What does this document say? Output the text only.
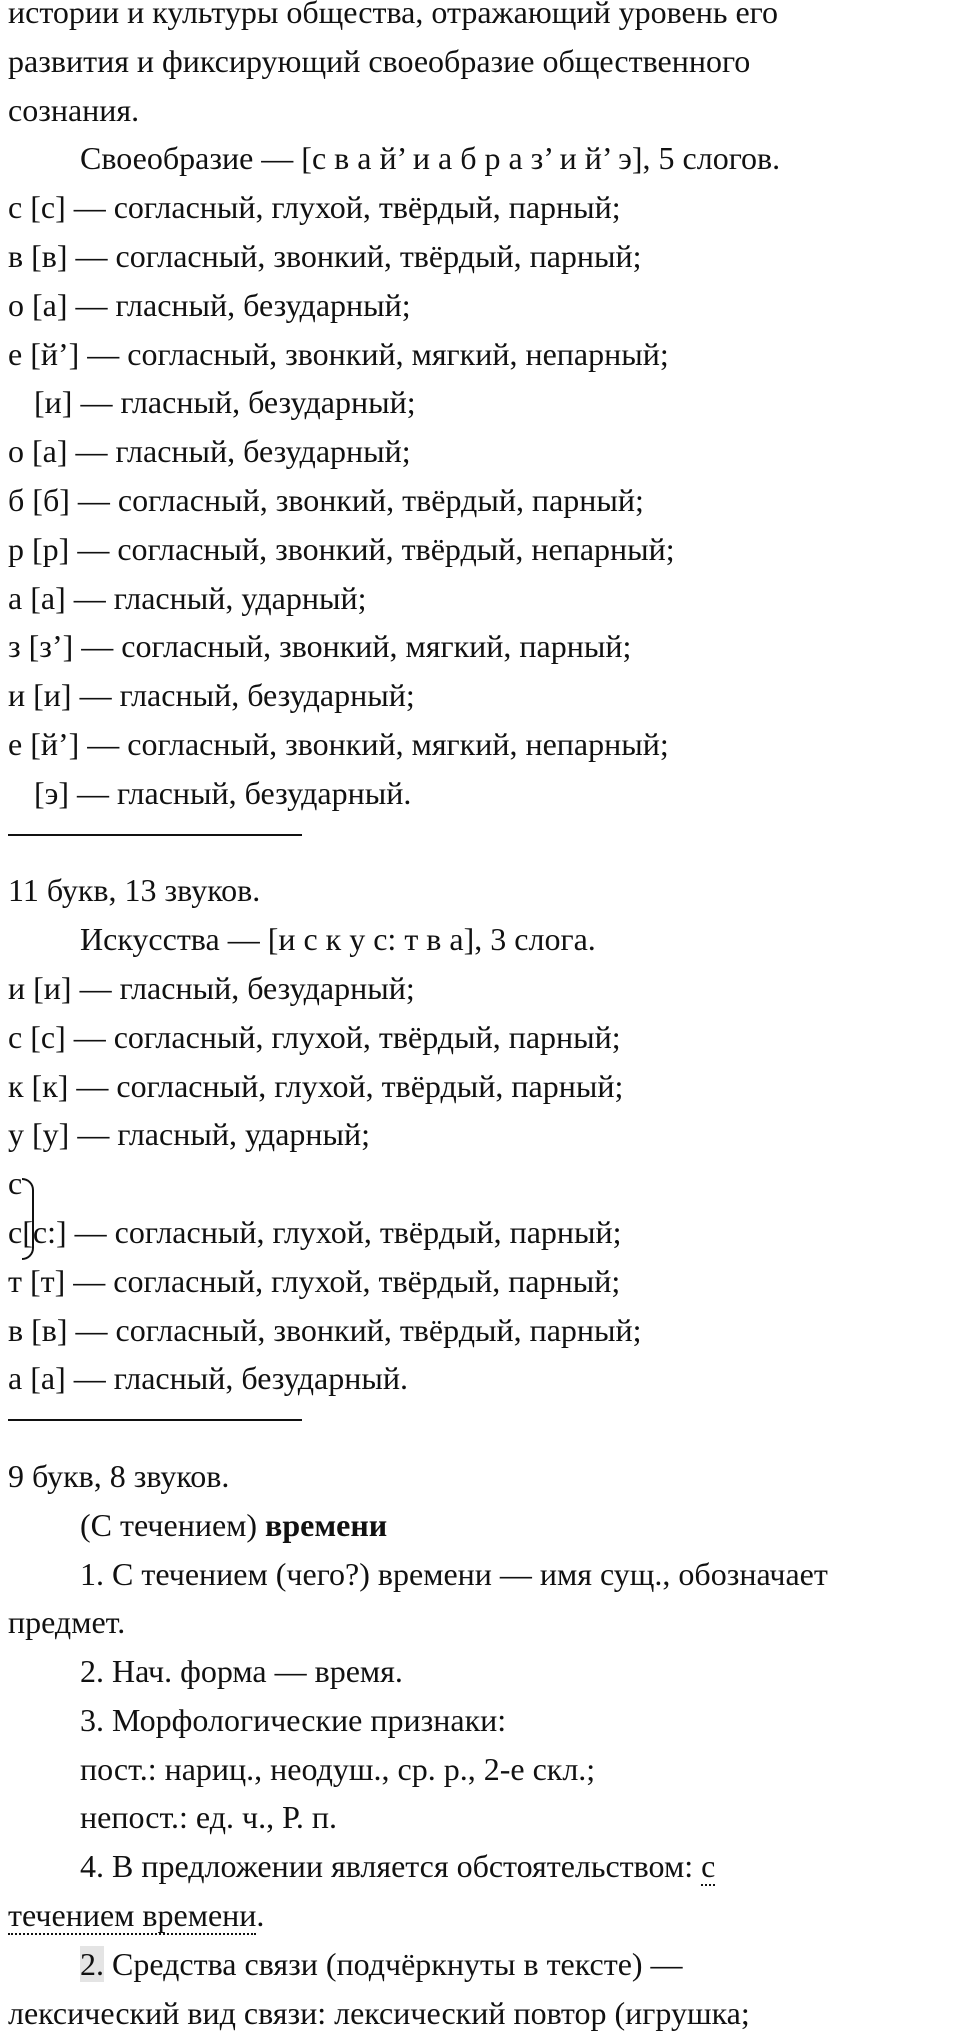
истории и культуры общества, отражающий уровень его
развития и фиксирующий своеобразие общественного
сознания.
Своеобразие — [с в а й’ и а б р а з’ и й’ э], 5 слогов.
с [с] — согласный, глухой, твёрдый, парный;
в [в] — согласный, звонкий, твёрдый, парный;
о [а] — гласный, безударный;
е [й’] — согласный, звонкий, мягкий, непарный;
[и] — гласный, безударный;
о [а] — гласный, безударный;
б [б] — согласный, звонкий, твёрдый, парный;
р [р] — согласный, звонкий, твёрдый, непарный;
а [а] — гласный, ударный;
з [з’] — согласный, звонкий, мягкий, парный;
и [и] — гласный, безударный;
е [й’] — согласный, звонкий, мягкий, непарный;
[э] — гласный, безударный.
11 букв, 13 звуков.
Искусства — [и с к у с: т в а], 3 слога.
и [и] — гласный, безударный;
с [с] — согласный, глухой, твёрдый, парный;
к [к] — согласный, глухой, твёрдый, парный;
у [у] — гласный, ударный;
с
с
[с:] — согласный, глухой, твёрдый, парный;
т [т] — согласный, глухой, твёрдый, парный;
в [в] — согласный, звонкий, твёрдый, парный;
а [а] — гласный, безударный.
9 букв, 8 звуков.
(С течением) времени
1. С течением (чего?) времени — имя сущ., обозначает
предмет.
2. Нач. форма — время.
3. Морфологические признаки:
пост.: нариц., неодуш., ср. р., 2-е скл.;
непост.: ед. ч., Р. п.
4. В предложении является обстоятельством: с
течением времени.
2. Средства связи (подчёркнуты в тексте) —
лексический вид связи: лексический повтор (игрушка;
